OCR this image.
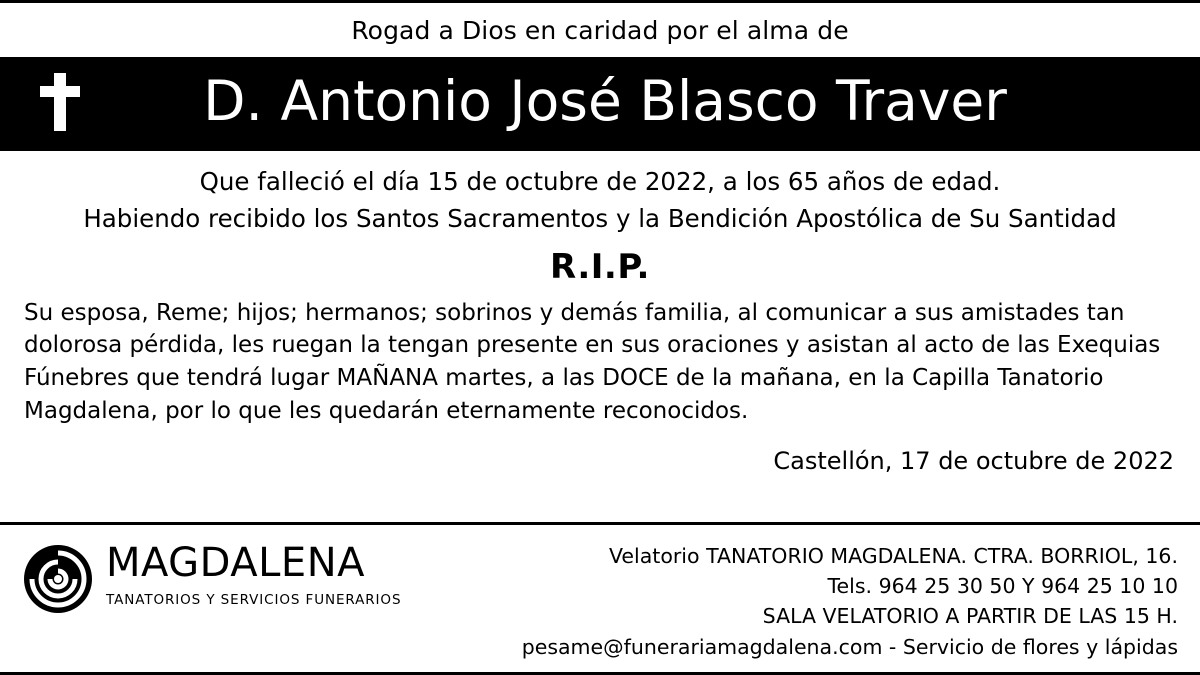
Rogad a Dios en caridad por el alma de
D. Antonio José Blasco Traver
Que falleció el día 15 de octubre de 2022, a los 65 años de edad.
Habiendo recibido los Santos Sacramentos y la Bendición Apostólica de Su Santidad
R.I.P.
Su esposa, Reme; hijos; hermanos; sobrinos y demás familia, al comunicar a sus amistades tan dolorosa pérdida, les ruegan la tengan presente en sus oraciones y asistan al acto de las Exequias Fúnebres que tendrá lugar MAÑANA martes, a las DOCE de la mañana, en la Capilla Tanatorio Magdalena, por lo que les quedarán eternamente reconocidos.
Castellón, 17 de octubre de 2022
MAGDALENA
TANATORIOS Y SERVICIOS FUNERARIOS
Velatorio TANATORIO MAGDALENA. CTRA. BORRIOL, 16.
Tels. 964 25 30 50 Y 964 25 10 10
SALA VELATORIO A PARTIR DE LAS 15 H.
pesame@funerariamagdalena.com - Servicio de flores y lápidas
